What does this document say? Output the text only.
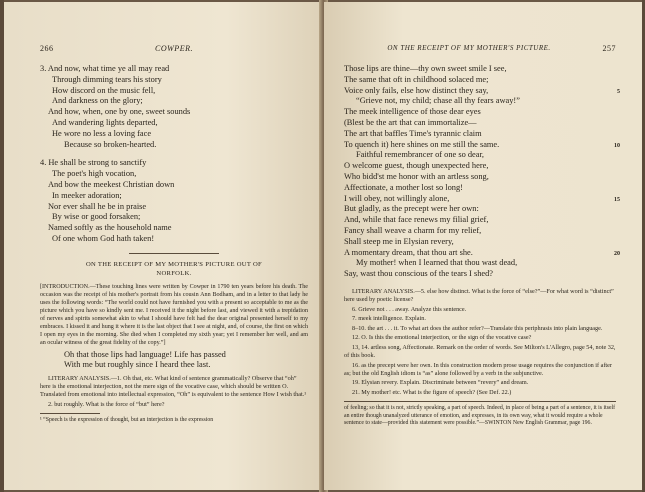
266	COWPER.
3. And now, what time ye all may read
Through dimming tears his story
How discord on the music fell,
And darkness on the glory;
And how, when, one by one, sweet sounds
And wandering lights departed,
He wore no less a loving face
Because so broken-hearted.
4. He shall be strong to sanctify
The poet's high vocation,
And bow the meekest Christian down
In meeker adoration;
Nor ever shall he be in praise
By wise or good forsaken;
Named softly as the household name
Of one whom God hath taken!
ON THE RECEIPT OF MY MOTHER'S PICTURE OUT OF
NORFOLK.

[INTRODUCTION.—These touching lines were written by Cowper in 1790 ten years before his death. The occasion was the receipt of his mother's portrait from his cousin Ann Bodham, and in a letter to that lady he uses the following words: “The world could not have furnished you with a present so acceptable to me as the picture which you have so kindly sent me. I received it the night before last, and viewed it with a trepidation of nerves and spirits somewhat akin to what I should have felt had the dear original presented herself to my embraces. I kissed it and hung it where it is the last object that I see at night, and, of course, the first on which I open my eyes in the morning. She died when I completed my sixth year; yet I remember her well, and am an ocular witness of the great fidelity of the copy.”]

Oh that those lips had language! Life has passed
With me but roughly since I heard thee last.

LITERARY ANALYSIS.—1. Oh that, etc. What kind of sentence grammatically? Observe that “oh” here is the emotional interjection, not the mere sign of the vocative case, which should be written O. Translated from emotional into intellectual expression, “Oh” is equivalent to the sentence How I wish that.¹

2. but roughly. What is the force of “but” here?

¹ “Speech is the expression of thought, but an interjection is the expression
ON THE RECEIPT OF MY MOTHER'S PICTURE.	257
Those lips are thine—thy own sweet smile I see,
The same that oft in childhood solaced me;
Voice only fails, else how distinct they say,	5
“Grieve not, my child; chase all thy fears away!”
The meek intelligence of those dear eyes
(Blest be the art that can immortalize—
The art that baffles Time's tyrannic claim
To quench it) here shines on me still the same.	10
Faithful remembrancer of one so dear,
O welcome guest, though unexpected here,
Who bidd'st me honor with an artless song,
Affectionate, a mother lost so long!
I will obey, not willingly alone,	15
But gladly, as the precept were her own:
And, while that face renews my filial grief,
Fancy shall weave a charm for my relief,
Shall steep me in Elysian revery,
A momentary dream, that thou art she.	20
My mother! when I learned that thou wast dead,
Say, wast thou conscious of the tears I shed?

LITERARY ANALYSIS.—5. else how distinct. What is the force of “else?”—For what word is “distinct” here used by poetic license?

6. Grieve not . . . away. Analyze this sentence.

7. meek intelligence. Explain.

8–10. the art . . . it. To what art does the author refer?—Translate this periphrasis into plain language.

12. O. Is this the emotional interjection, or the sign of the vocative case?

13, 14. artless song, Affectionate. Remark on the order of words. See Milton's L'Allegro, page 54, note 32, of this book.

16. as the precept were her own. In this construction modern prose usage requires the conjunction if after as; but the old English idiom is “as” alone followed by a verb in the subjunctive.

19. Elysian revery. Explain. Discriminate between “revery” and dream.

21. My mother! etc. What is the figure of speech? (See Def. 22.)

of feeling; so that it is not, strictly speaking, a part of speech. Indeed, in place of being a part of a sentence, it is itself an entire though unanalyzed utterance of emotion, and expresses, in its own way, what it would require a whole sentence to state—provided this statement were possible.”—SWINTON New English Grammar, page 196.
